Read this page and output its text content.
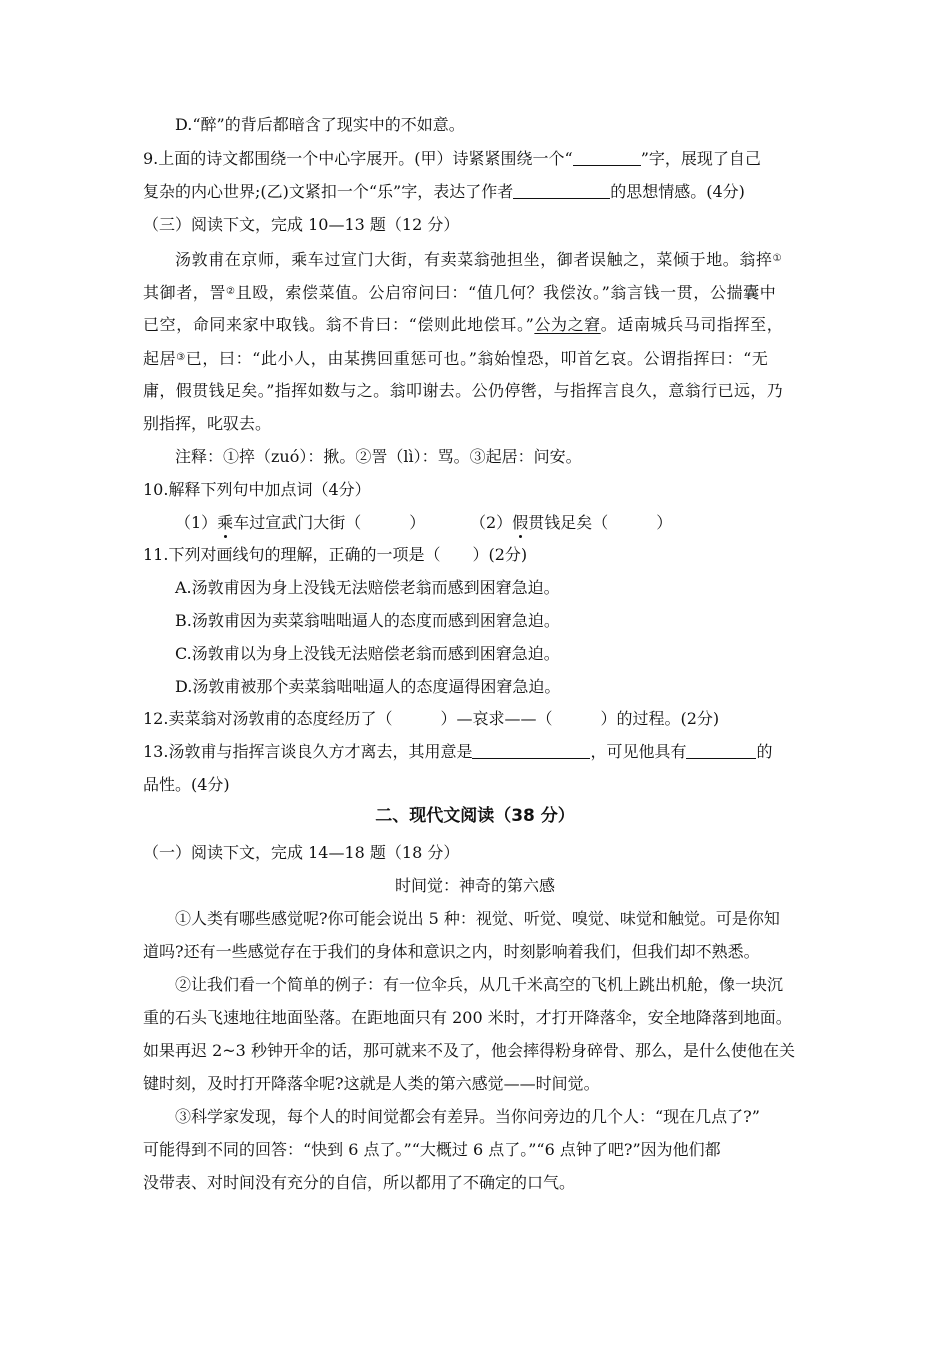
D.“醉”的背后都暗含了现实中的不如意。
9.上面的诗文都围绕一个中心字展开。(甲）诗紧紧围绕一个“	”字，展现了自己
复杂的内心世界;(乙)文紧扣一个“乐”字，表达了作者	的思想情感。(4分)
（三）阅读下文，完成 10—13 题（12 分）
汤敦甫在京师，乘车过宣门大街，有卖菜翁弛担坐，御者误触之，菜倾于地。翁捽①
其御者，詈②且殴，索偿菜值。公启帘问曰：“值几何？我偿汝。”翁言钱一贯，公揣囊中
已空，命同来家中取钱。翁不肯曰：“偿则此地偿耳。”公为之窘。适南城兵马司指挥至，
起居③已，曰：“此小人，由某携回重惩可也。”翁始惶恐，叩首乞哀。公谓指挥曰：“无
庸，假贯钱足矣。”指挥如数与之。翁叩谢去。公仍停辔，与指挥言良久，意翁行已远，乃
别指挥，叱驭去。
注释：①捽（zuó）：揪。②詈（lì）：骂。③起居：问安。
10.解释下列句中加点词（4分）
（1）乘车过宣武门大街（　　　）	（2）假贯钱足矣（　　　）
11.下列对画线句的理解，正确的一项是（　　）(2分)
A.汤敦甫因为身上没钱无法赔偿老翁而感到困窘急迫。
B.汤敦甫因为卖菜翁咄咄逼人的态度而感到困窘急迫。
C.汤敦甫以为身上没钱无法赔偿老翁而感到困窘急迫。
D.汤敦甫被那个卖菜翁咄咄逼人的态度逼得困窘急迫。
12.卖菜翁对汤敦甫的态度经历了（　　　）—哀求——（　　　）的过程。(2分)
13.汤敦甫与指挥言谈良久方才离去，其用意是	，可见他具有	的
品性。(4分)
二、现代文阅读（38 分）
（一）阅读下文，完成 14—18 题（18 分）
时间觉：神奇的第六感
①人类有哪些感觉呢?你可能会说出 5 种：视觉、听觉、嗅觉、味觉和触觉。可是你知
道吗?还有一些感觉存在于我们的身体和意识之内，时刻影响着我们，但我们却不熟悉。
②让我们看一个简单的例子：有一位伞兵，从几千米高空的飞机上跳出机舱，像一块沉
重的石头飞速地往地面坠落。在距地面只有 200 米时，才打开降落伞，安全地降落到地面。
如果再迟 2~3 秒钟开伞的话，那可就来不及了，他会摔得粉身碎骨、那么，是什么使他在关
键时刻，及时打开降落伞呢?这就是人类的第六感觉——时间觉。
③科学家发现，每个人的时间觉都会有差异。当你问旁边的几个人：“现在几点了?”
可能得到不同的回答：“快到 6 点了。”“大概过 6 点了。”“6 点钟了吧?”因为他们都
没带表、对时间没有充分的自信，所以都用了不确定的口气。
